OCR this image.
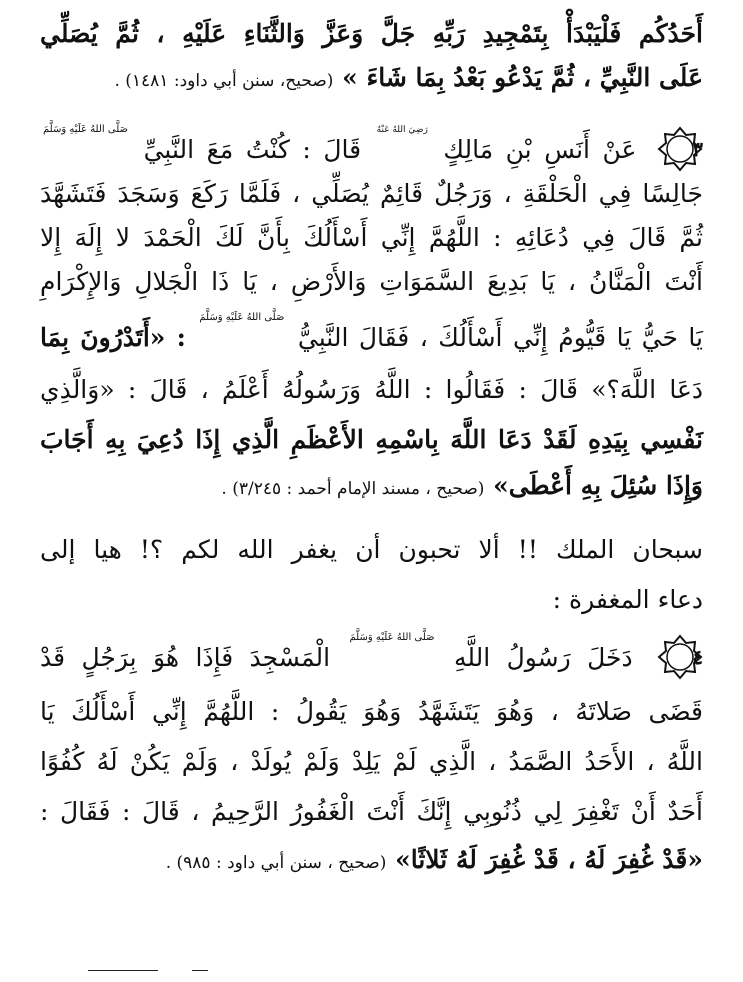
أَحَدُكُم فَلْيَبْدَأْ بِتَمْجِيدِ رَبِّهِ جَلَّ وَعَزَّ وَالثَّنَاءِ عَلَيْهِ ، ثُمَّ يُصَلِّي
عَلَى النَّبِيِّ ، ثُمَّ يَدْعُو بَعْدُ بِمَا شَاءَ » (صحيح، سنن أبي داود: ١٤٨١) .
٣
عَنْ أَنَسِ بْنِ مَالِكٍ رَضِيَ اللهُ عَنْهُ قَالَ : كُنْتُ مَعَ النَّبِيِّ صَلَّى اللهُ عَلَيْهِ وَسَلَّمَ
جَالِسًا فِي الْحَلْقَةِ ، وَرَجُلٌ قَائِمٌ يُصَلِّي ، فَلَمَّا رَكَعَ وَسَجَدَ فَتَشَهَّدَ
ثُمَّ قَالَ فِي دُعَائِهِ : اللَّهُمَّ إِنِّي أَسْأَلُكَ بِأَنَّ لَكَ الْحَمْدَ لا إِلَهَ إِلا
أَنْتَ الْمَنَّانُ ، يَا بَدِيعَ السَّمَوَاتِ وَالأَرْضِ ، يَا ذَا الْجَلالِ وَالإِكْرَامِ
يَا حَيُّ يَا قَيُّومُ إِنِّي أَسْأَلُكَ ، فَقَالَ النَّبِيُّ صَلَّى اللهُ عَلَيْهِ وَسَلَّمَ : «أَتَدْرُونَ بِمَا
دَعَا اللَّهَ؟» قَالَ : فَقَالُوا : اللَّهُ وَرَسُولُهُ أَعْلَمُ ، قَالَ : «وَالَّذِي
نَفْسِي بِيَدِهِ لَقَدْ دَعَا اللَّهَ بِاسْمِهِ الأَعْظَمِ الَّذِي إِذَا دُعِيَ بِهِ أَجَابَ
وَإِذَا سُئِلَ بِهِ أَعْطَى» (صحيح ، مسند الإمام أحمد : ٣/٢٤٥) .
سبحان الملك !! ألا تحبون أن يغفر الله لكم ؟! هيا إلى
دعاء المغفرة :
٤
دَخَلَ رَسُولُ اللَّهِ صَلَّى اللهُ عَلَيْهِ وَسَلَّمَ الْمَسْجِدَ فَإِذَا هُوَ بِرَجُلٍ قَدْ
قَضَى صَلاتَهُ ، وَهُوَ يَتَشَهَّدُ وَهُوَ يَقُولُ : اللَّهُمَّ إِنِّي أَسْأَلُكَ يَا
اللَّهُ ، الأَحَدُ الصَّمَدُ ، الَّذِي لَمْ يَلِدْ وَلَمْ يُولَدْ ، وَلَمْ يَكُنْ لَهُ كُفُوًا
أَحَدٌ أَنْ تَغْفِرَ لِي ذُنُوبِي إِنَّكَ أَنْتَ الْغَفُورُ الرَّحِيمُ ، قَالَ : فَقَالَ :
«قَدْ غُفِرَ لَهُ ، قَدْ غُفِرَ لَهُ ثَلاثًا» (صحيح ، سنن أبي داود : ٩٨٥) .
